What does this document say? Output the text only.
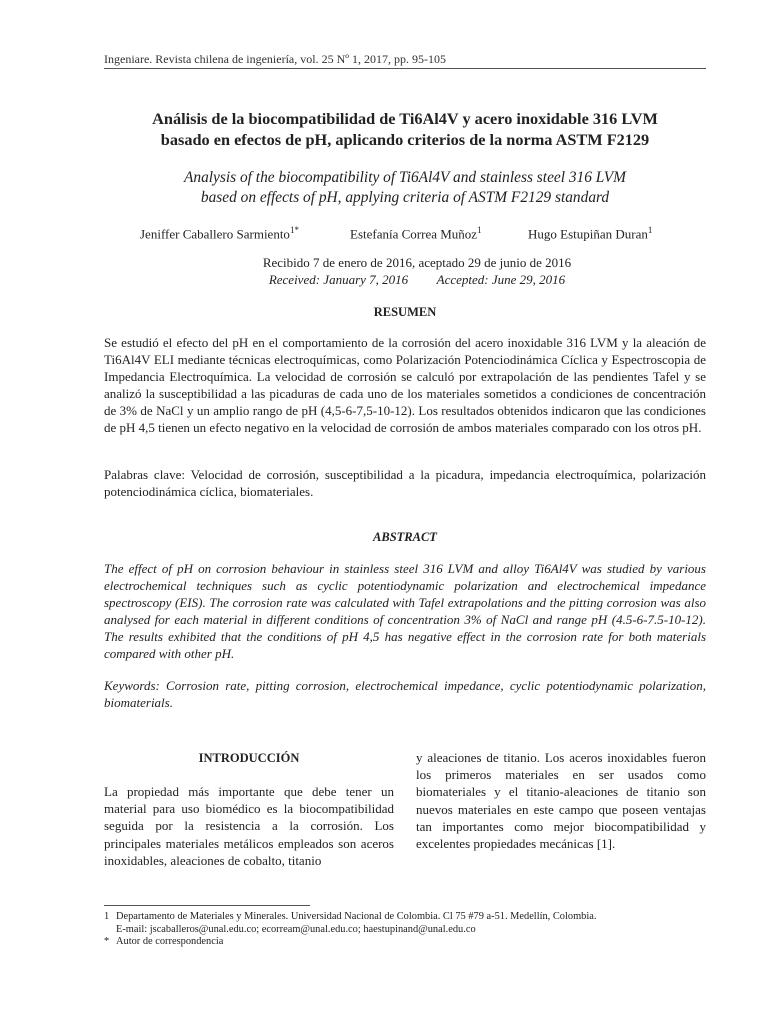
Ingeniare. Revista chilena de ingeniería, vol. 25 Nº 1, 2017, pp. 95-105
Análisis de la biocompatibilidad de Ti6Al4V y acero inoxidable 316 LVM
basado en efectos de pH, aplicando criterios de la norma ASTM F2129
Analysis of the biocompatibility of Ti6Al4V and stainless steel 316 LVM
based on effects of pH, applying criteria of ASTM F2129 standard
Jeniffer Caballero Sarmiento$^{1*}$	Estefanía Correa Muñoz$^1$	Hugo Estupiñan Duran$^1$
Recibido 7 de enero de 2016, aceptado 29 de junio de 2016
Received: January 7, 2016 Accepted: June 29, 2016
RESUMEN
Se estudió el efecto del pH en el comportamiento de la corrosión del acero inoxidable 316 LVM y la aleación de Ti6Al4V ELI mediante técnicas electroquímicas, como Polarización Potenciodinámica Cíclica y Espectroscopia de Impedancia Electroquímica. La velocidad de corrosión se calculó por extrapolación de las pendientes Tafel y se analizó la susceptibilidad a las picaduras de cada uno de los materiales sometidos a condiciones de concentración de 3% de NaCl y un amplio rango de pH (4,5-6-7,5-10-12). Los resultados obtenidos indicaron que las condiciones de pH 4,5 tienen un efecto negativo en la velocidad de corrosión de ambos materiales comparado con los otros pH.
Palabras clave: Velocidad de corrosión, susceptibilidad a la picadura, impedancia electroquímica, polarización potenciodinámica cíclica, biomateriales.
ABSTRACT
The effect of pH on corrosion behaviour in stainless steel 316 LVM and alloy Ti6Al4V was studied by various electrochemical techniques such as cyclic potentiodynamic polarization and electrochemical impedance spectroscopy (EIS). The corrosion rate was calculated with Tafel extrapolations and the pitting corrosion was also analysed for each material in different conditions of concentration 3% of NaCl and range pH (4.5-6-7.5-10-12). The results exhibited that the conditions of pH 4,5 has negative effect in the corrosion rate for both materials compared with other pH.
Keywords: Corrosion rate, pitting corrosion, electrochemical impedance, cyclic potentiodynamic polarization, biomaterials.
INTRODUCCIÓN
La propiedad más importante que debe tener un material para uso biomédico es la biocompatibilidad seguida por la resistencia a la corrosión. Los principales materiales metálicos empleados son aceros inoxidables, aleaciones de cobalto, titanio
y aleaciones de titanio. Los aceros inoxidables fueron los primeros materiales en ser usados como biomateriales y el titanio-aleaciones de titanio son nuevos materiales en este campo que poseen ventajas tan importantes como mejor biocompatibilidad y excelentes propiedades mecánicas [1].
1 Departamento de Materiales y Minerales. Universidad Nacional de Colombia. Cl 75 #79 a-51. Medellín, Colombia.
E-mail: jscaballeros@unal.edu.co; ecorream@unal.edu.co; haestupinand@unal.edu.co
* Autor de correspondencia
